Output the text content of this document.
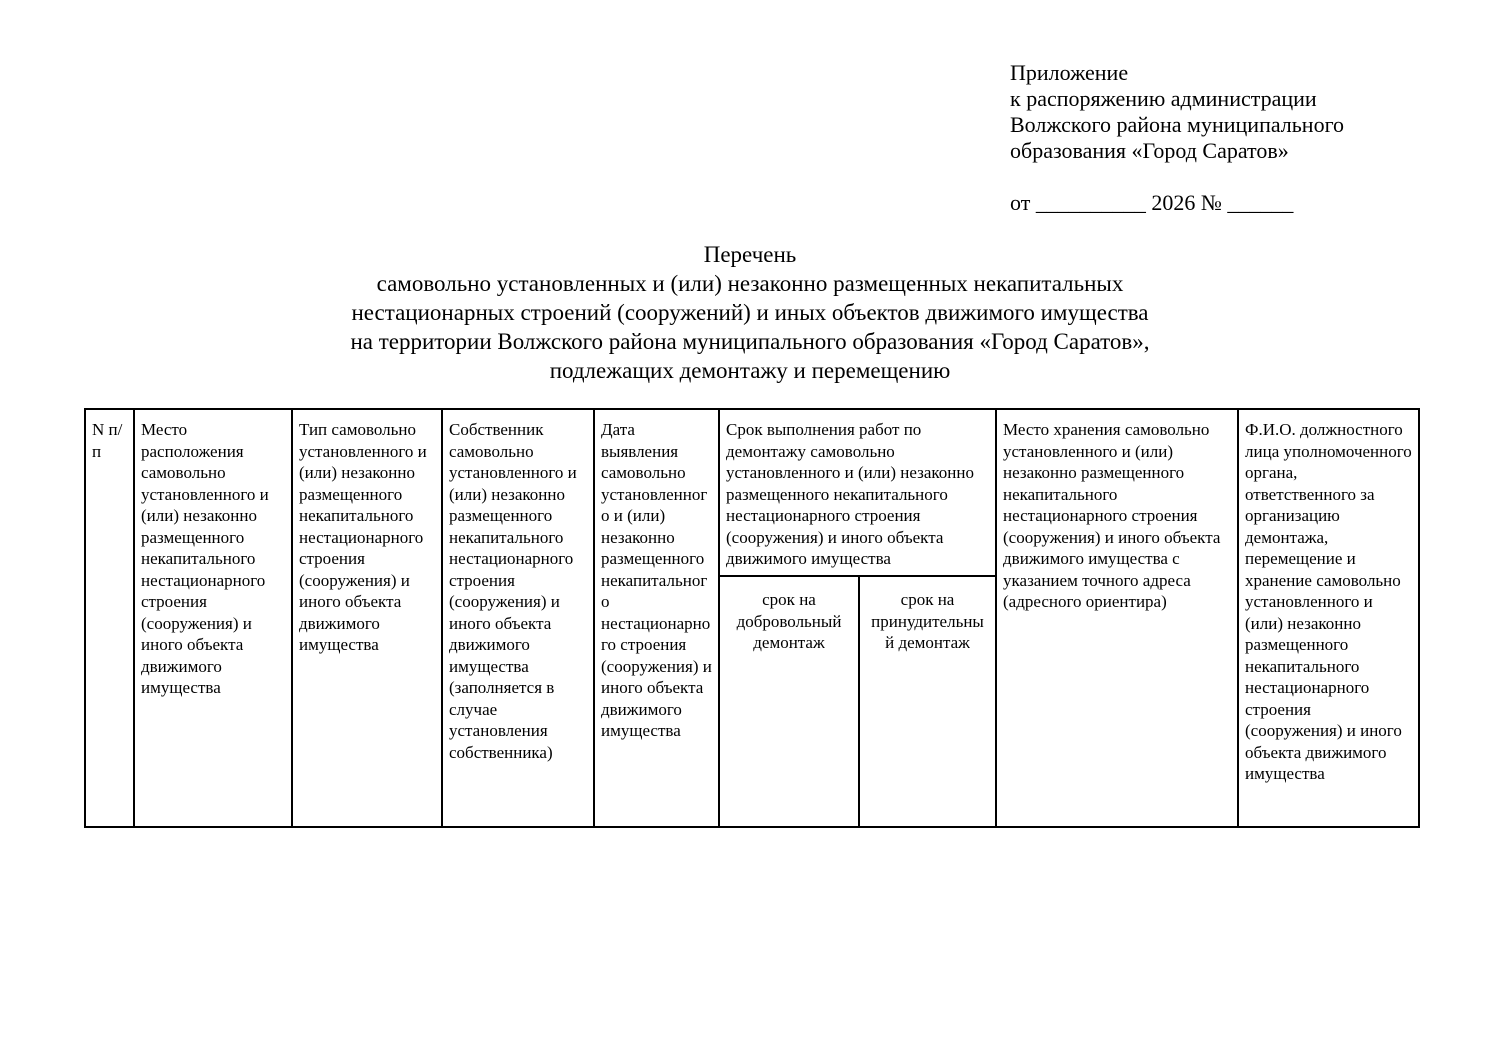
Приложение
к распоряжению администрации
Волжского района муниципального
образования «Город Саратов»
от __________ 2026 № ______
Перечень
самовольно установленных и (или) незаконно размещенных некапитальных
нестационарных строений (сооружений) и иных объектов движимого имущества
на территории Волжского района муниципального образования «Город Саратов»,
подлежащих демонтажу и перемещению
N п/п	Место расположения самовольно установленного и (или) незаконно размещенного некапитального нестационарного строения (сооружения) и иного объекта движимого имущества	Тип самовольно установленного и (или) незаконно размещенного некапитального нестационарного строения (сооружения) и иного объекта движимого имущества	Собственник самовольно установленного и (или) незаконно размещенного некапитального нестационарного строения (сооружения) и иного объекта движимого имущества (заполняется в случае установления собственника)	Дата выявления самовольно установленного и (или) незаконно размещенного некапитального нестационарного строения (сооружения) и иного объекта движимого имущества	Срок выполнения работ по демонтажу самовольно установленного и (или) незаконно размещенного некапитального нестационарного строения (сооружения) и иного объекта движимого имущества	Место хранения самовольно установленного и (или) незаконно размещенного некапитального нестационарного строения (сооружения) и иного объекта движимого имущества с указанием точного адреса (адресного ориентира)	Ф.И.О. должностного лица уполномоченного органа, ответственного за организацию демонтажа, перемещение и хранение самовольно установленного и (или) незаконно размещенного некапитального нестационарного строения (сооружения) и иного объекта движимого имущества
					срок на добровольный демонтаж	срок на принудительный демонтаж		
